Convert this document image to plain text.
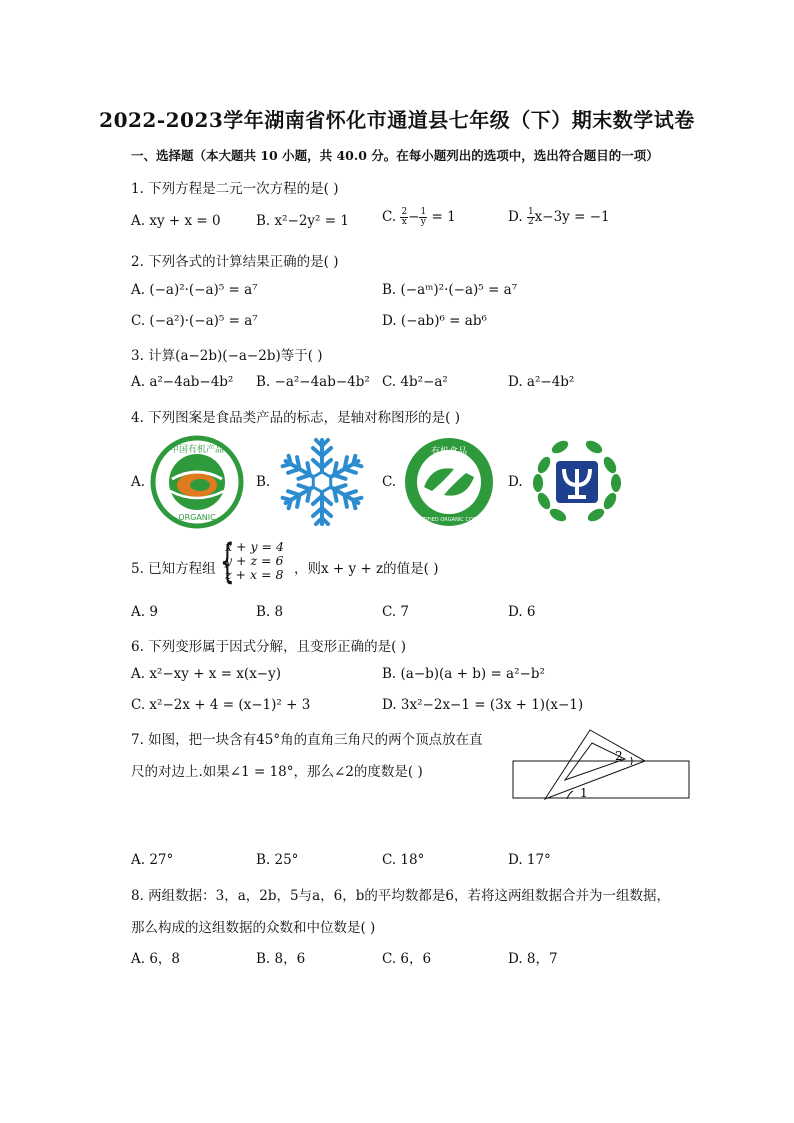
2022-2023学年湖南省怀化市通道县七年级（下）期末数学试卷
一、选择题（本大题共 10 小题，共 40.0 分。在每小题列出的选项中，选出符合题目的一项）
1. 下列方程是二元一次方程的是( )
A. xy + x = 0	B. x²−2y² = 1 C. $\frac{2}{x} - \frac{1}{y} = 1$	D. $\frac{1}{2} x-3y = -1$
2. 下列各式的计算结果正确的是( )
A. (−a)²·(−a)⁵ = a⁷	B. (−aᵐ)²·(−a)⁵ = a⁷
C. (−a²)·(−a)⁵ = a⁷	D. (−ab)⁶ = ab⁶
3. 计算(a−2b)(−a−2b)等于( )
A. a²−4ab−4b² B. −a²−4ab−4b² C. 4b²−a²	D. a²−4b²
4. 下列图案是食品类产品的标志，是轴对称图形的是( )
A.	B.	C.	D.
中国有机产品
ORGANIC
有机食品
CERTIFIED ORGANIC COFFEE
5. 已知方程组 {
x + y = 4
y + z = 6
z + x = 8 ，则x + y + z的值是( )
A. 9	B. 8	C. 7	D. 6
6. 下列变形属于因式分解，且变形正确的是( )
A. x²−xy + x = x(x−y)	B. (a−b)(a + b) = a²−b²
C. x²−2x + 4 = (x−1)² + 3	D. 3x²−2x−1 = (3x + 1)(x−1)
7. 如图，把一块含有45°角的直角三角尺的两个顶点放在直
尺的对边上.如果∠1 = 18°，那么∠2的度数是( )
1
2
A. 27°	B. 25°	C. 18°	D. 17°
8. 两组数据：3，a，2b，5与a，6，b的平均数都是6，若将这两组数据合并为一组数据，
那么构成的这组数据的众数和中位数是( )
A. 6，8	B. 8，6	C. 6，6	D. 8，7
